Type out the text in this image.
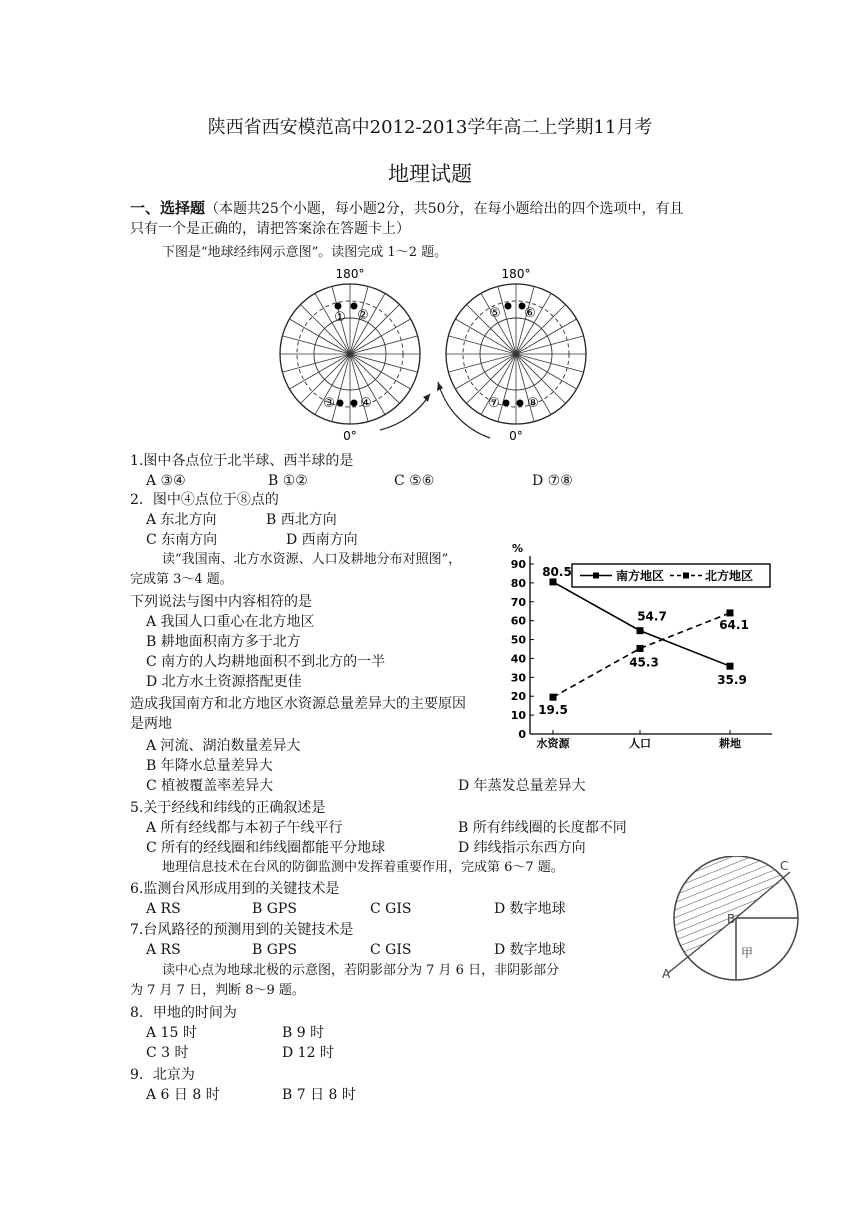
陕西省西安模范高中2012-2013学年高二上学期11月考
地理试题
一、选择题（本题共25个小题，每小题2分，共50分，在每小题给出的四个选项中，有且
只有一个是正确的，请把答案涂在答题卡上）
下图是“地球经纬网示意图”。读图完成 1～2 题。
180°
① ②
③ ④
0°
180°
⑤ ⑥
⑦ ⑧
0°
1.图中各点位于北半球、西半球的是
A ③④	B ①②	C ⑤⑥	D ⑦⑧
2．图中④点位于⑧点的
A 东北方向	B 西北方向
C 东南方向	D 西南方向
读“我国南、北方水资源、人口及耕地分布对照图”，
完成第 3～4 题。
下列说法与图中内容相符的是
A 我国人口重心在北方地区
B 耕地面积南方多于北方
C 南方的人均耕地面积不到北方的一半
D 北方水土资源搭配更佳
造成我国南方和北方地区水资源总量差异大的主要原因
是两地
A 河流、湖泊数量差异大
B 年降水总量差异大
C 植被覆盖率差异大	D 年蒸发总量差异大
%
0
10
20
30
40
50
60
70
80
90
水资源	人口	耕地
南方地区	北方地区
80.5
54.7
35.9
19.5
45.3
64.1
5.关于经线和纬线的正确叙述是
A 所有经线都与本初子午线平行	B 所有纬线圈的长度都不同
C 所有的经线圈和纬线圈都能平分地球	D 纬线指示东西方向
地理信息技术在台风的防御监测中发挥着重要作用，完成第 6～7 题。
6.监测台风形成用到的关键技术是
A RS	B GPS	C GIS	D 数字地球
7.台风路径的预测用到的关键技术是
A RS	B GPS	C GIS	D 数字地球
读中心点为地球北极的示意图，若阴影部分为 7 月 6 日，非阴影部分
为 7 月 7 日，判断 8～9 题。
8．甲地的时间为
A 15 时	B 9 时
C 3 时	D 12 时
9．北京为
A 6 日 8 时	B 7 日 8 时
A
B
C
甲
